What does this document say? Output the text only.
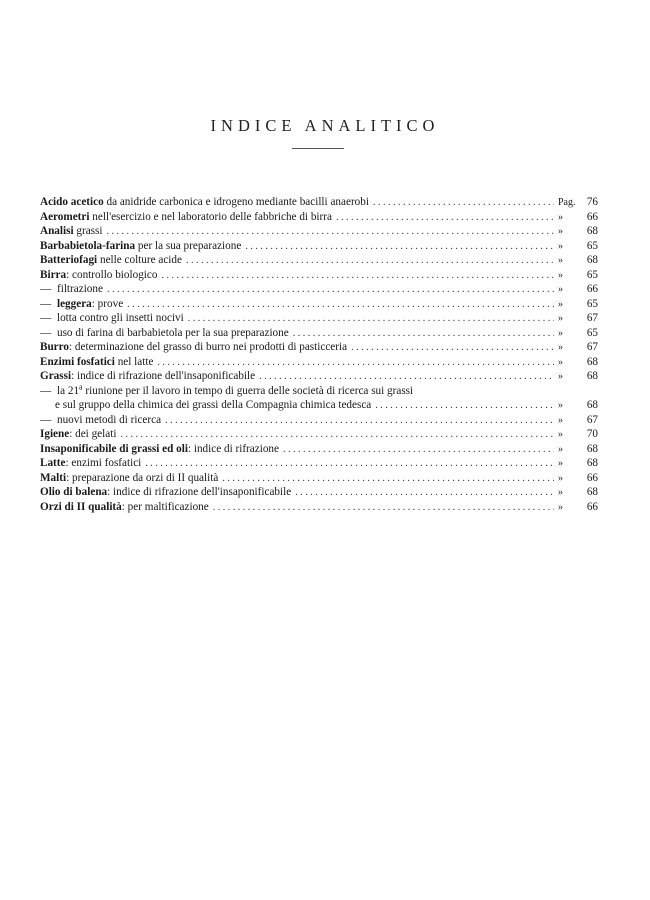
INDICE ANALITICO
Acido acetico da anidride carbonica e idrogeno mediante bacilli anaerobi . . .	Pag.	76
Aerometri nell'esercizio e nel laboratorio delle fabbriche di birra . . .	»	66
Analisi grassi . . .	»	68
Barbabietola-farina per la sua preparazione . . .	»	65
Batteriofagi nelle colture acide . . .	»	68
Birra: controllo biologico . . .	»	65
— filtrazione . . .	»	66
— leggera: prove . . .	»	65
— lotta contro gli insetti nocivi . . .	»	67
— uso di farina di barbabietola per la sua preparazione . . .	»	65
Burro: determinazione del grasso di burro nei prodotti di pasticceria . . .	»	67
Enzimi fosfatici nel latte . . .	»	68
Grassi: indice di rifrazione dell'insaponificabile . . .	»	68
— la 21$^a$ riunione per il lavoro in tempo di guerra delle società di ricerca sui grassi
e sul gruppo della chimica dei grassi della Compagnia chimica tedesca . . .	»	68
— nuovi metodi di ricerca . . .	»	67
Igiene: dei gelati . . .	»	70
Insaponificabile di grassi ed oli: indice di rifrazione . . .	»	68
Latte: enzimi fosfatici . . .	»	68
Malti: preparazione da orzi di II qualità . . .	»	66
Olio di balena: indice di rifrazione dell'insaponificabile . . .	»	68
Orzi di II qualità: per maltificazione . . .	»	66
